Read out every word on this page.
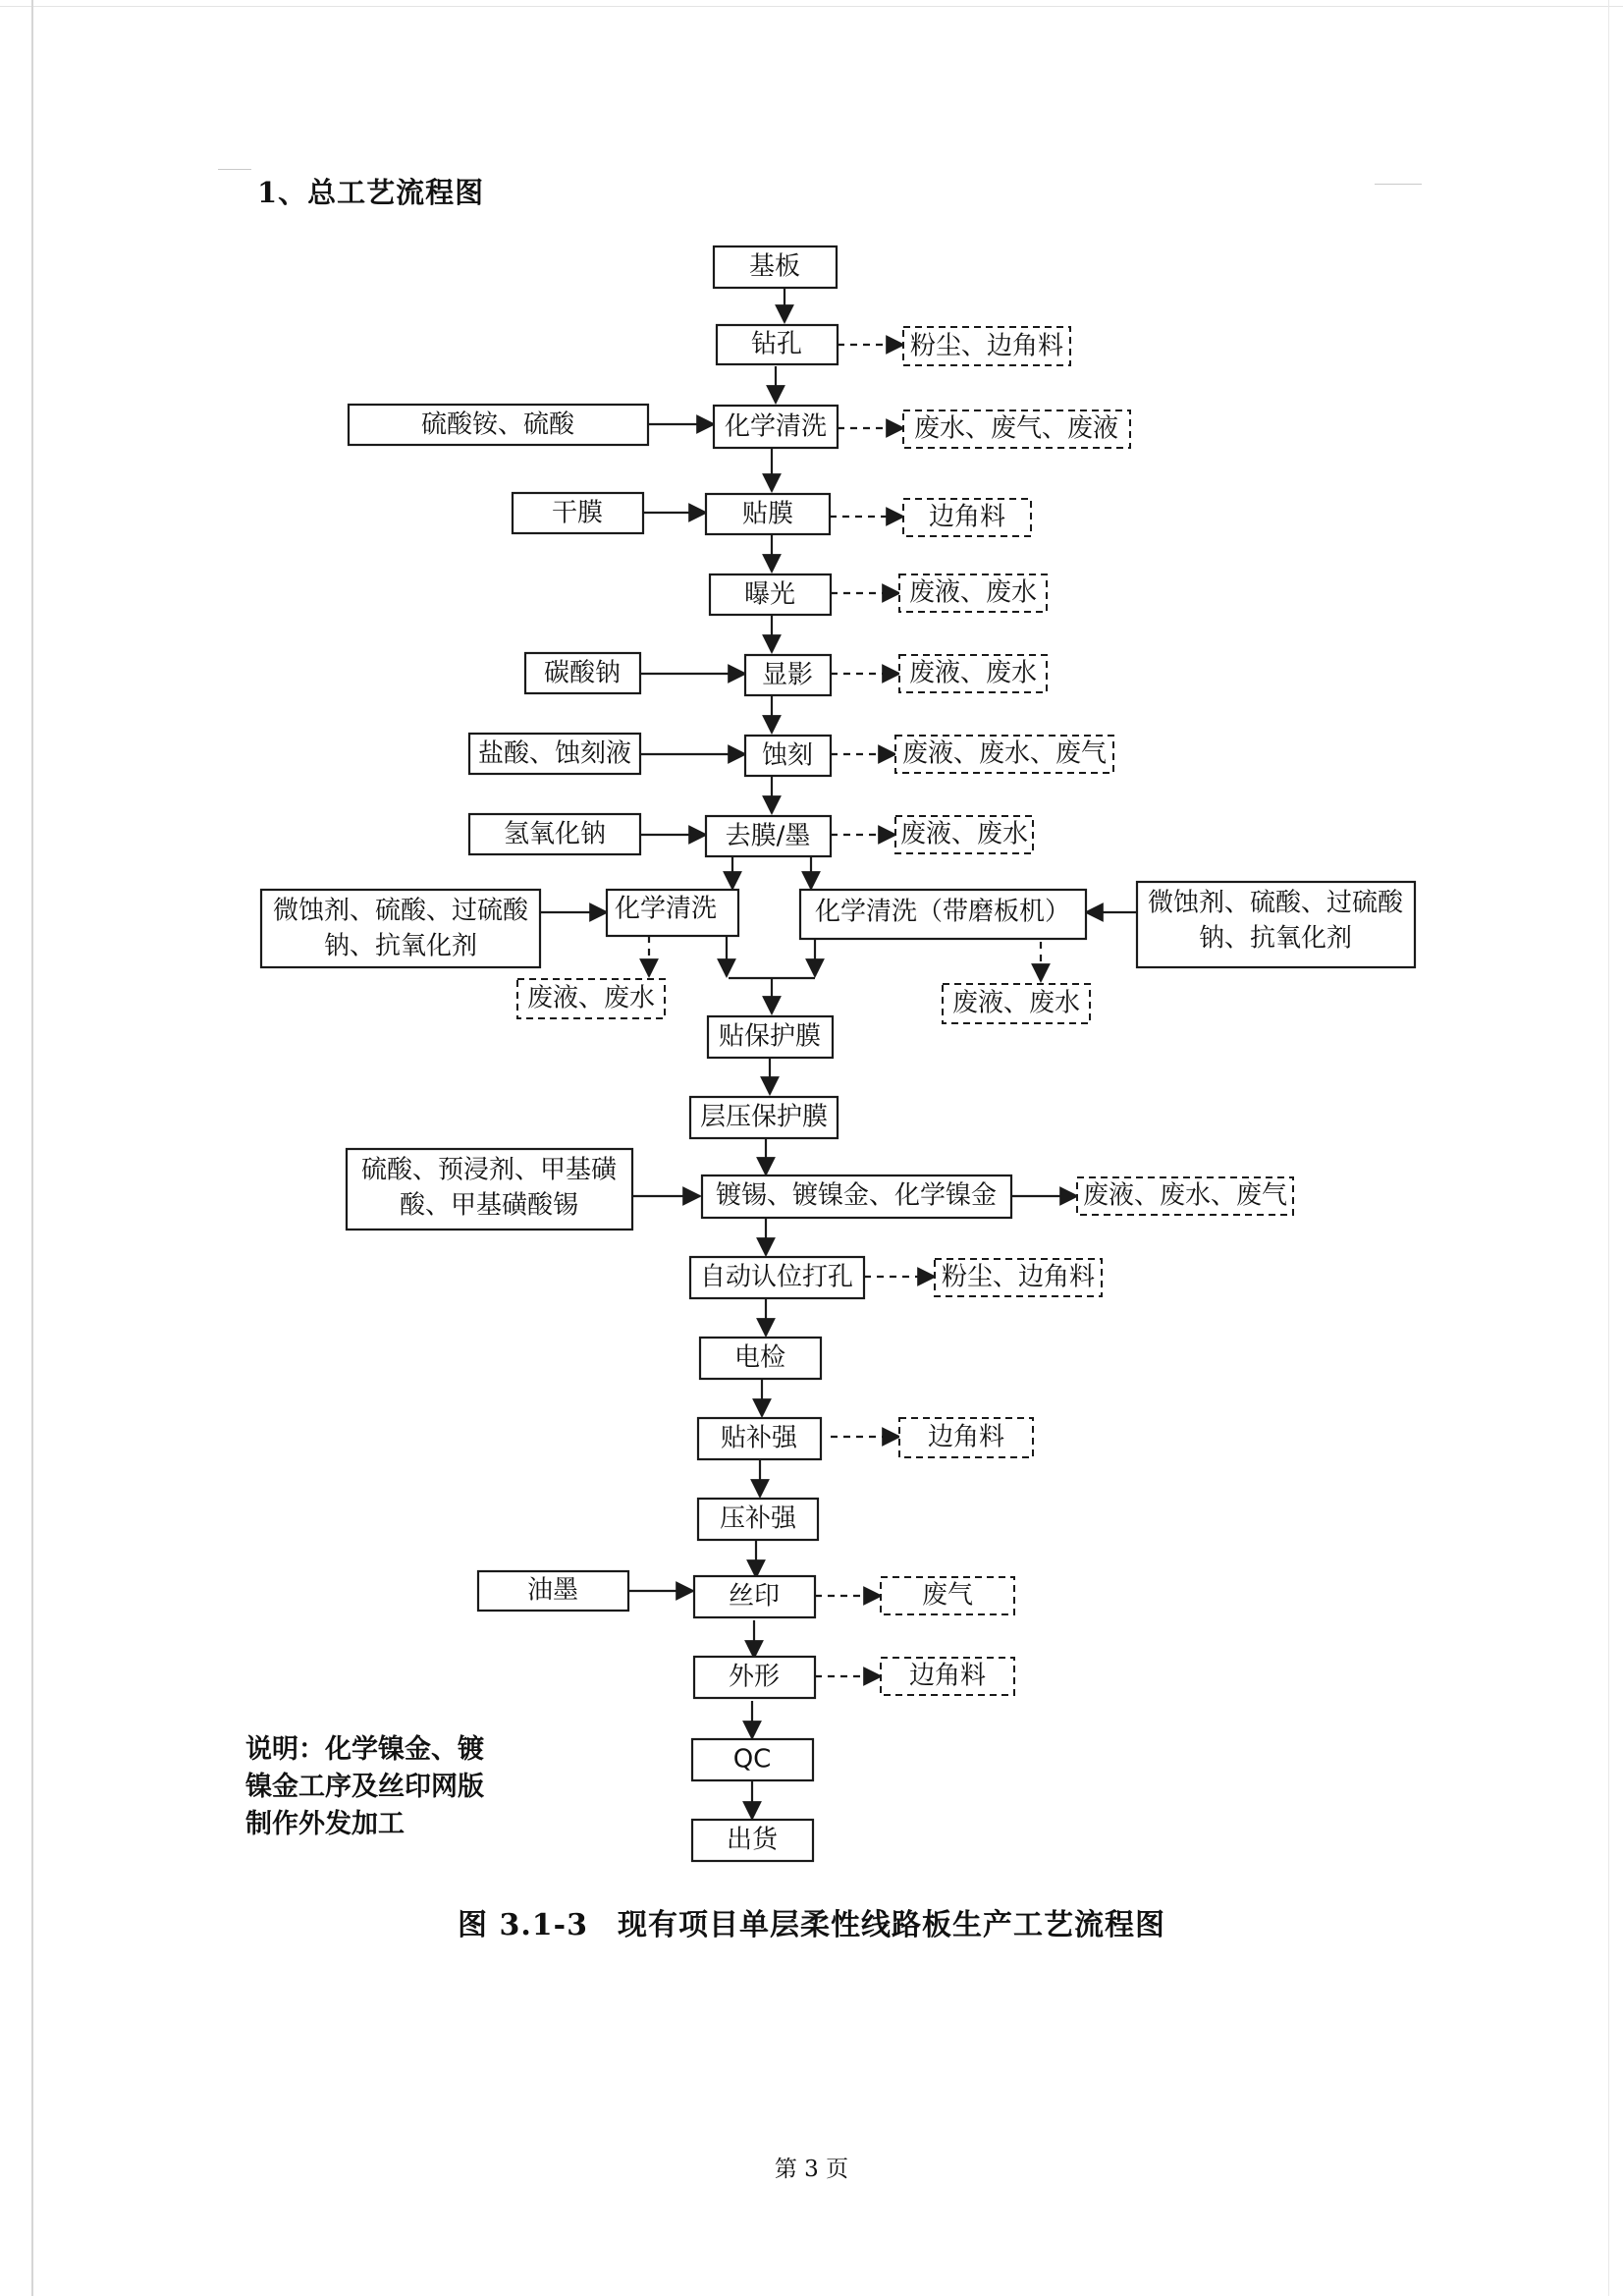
1、总工艺流程图
基板
钻孔
化学清洗
贴膜
曝光
显影
蚀刻
去膜/墨
化学清洗	化学清洗（带磨板机）
贴保护膜
层压保护膜
镀锡、镀镍金、化学镍金
自动认位打孔
电检
贴补强
压补强
丝印
外形
QC
出货
硫酸铵、硫酸
干膜
碳酸钠
盐酸、蚀刻液
氢氧化钠
微蚀剂、硫酸、过硫酸
钠、抗氧化剂
微蚀剂、硫酸、过硫酸
钠、抗氧化剂
硫酸、预浸剂、甲基磺
酸、甲基磺酸锡
油墨
粉尘、边角料
废水、废气、废液
边角料
废液、废水
废液、废水
废液、废水、废气
废液、废水
废液、废水	废液、废水
废液、废水、废气
粉尘、边角料
边角料
废气
边角料
说明：化学镍金、镀
镍金工序及丝印网版
制作外发加工
图 3.1-3 现有项目单层柔性线路板生产工艺流程图
第 3 页
